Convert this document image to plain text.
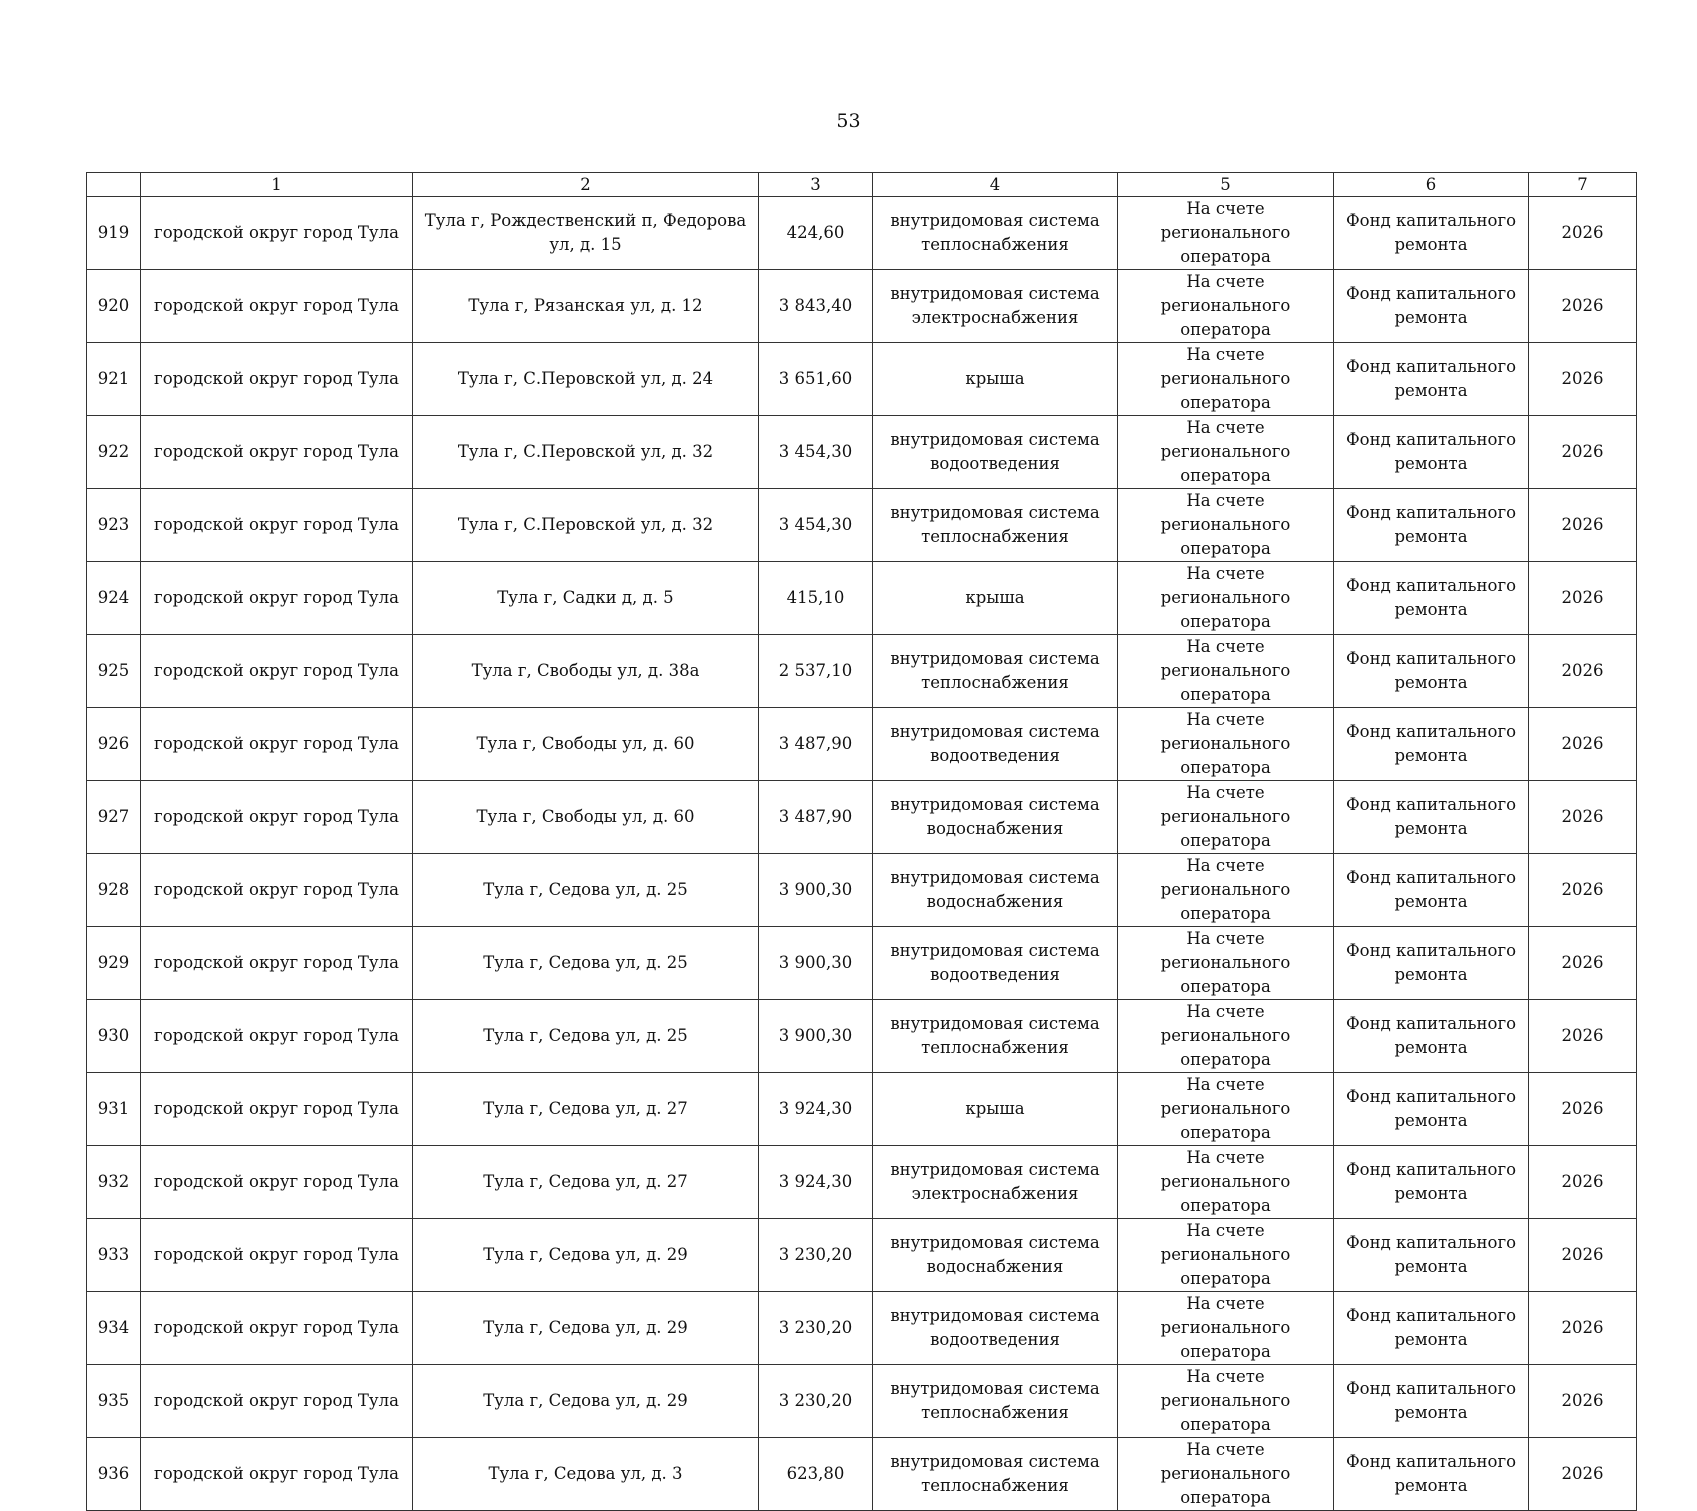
53
	1	2	3	4	5	6	7
919	городской округ город Тула	Тула г, Рождественский п, Федорова ул, д. 15	424,60	внутридомовая система теплоснабжения	На счете регионального оператора	Фонд капитального ремонта	2026
920	городской округ город Тула	Тула г, Рязанская ул, д. 12	3 843,40	внутридомовая система электроснабжения	На счете регионального оператора	Фонд капитального ремонта	2026
921	городской округ город Тула	Тула г, С.Перовской ул, д. 24	3 651,60	крыша	На счете регионального оператора	Фонд капитального ремонта	2026
922	городской округ город Тула	Тула г, С.Перовской ул, д. 32	3 454,30	внутридомовая система водоотведения	На счете регионального оператора	Фонд капитального ремонта	2026
923	городской округ город Тула	Тула г, С.Перовской ул, д. 32	3 454,30	внутридомовая система теплоснабжения	На счете регионального оператора	Фонд капитального ремонта	2026
924	городской округ город Тула	Тула г, Садки д, д. 5	415,10	крыша	На счете регионального оператора	Фонд капитального ремонта	2026
925	городской округ город Тула	Тула г, Свободы ул, д. 38а	2 537,10	внутридомовая система теплоснабжения	На счете регионального оператора	Фонд капитального ремонта	2026
926	городской округ город Тула	Тула г, Свободы ул, д. 60	3 487,90	внутридомовая система водоотведения	На счете регионального оператора	Фонд капитального ремонта	2026
927	городской округ город Тула	Тула г, Свободы ул, д. 60	3 487,90	внутридомовая система водоснабжения	На счете регионального оператора	Фонд капитального ремонта	2026
928	городской округ город Тула	Тула г, Седова ул, д. 25	3 900,30	внутридомовая система водоснабжения	На счете регионального оператора	Фонд капитального ремонта	2026
929	городской округ город Тула	Тула г, Седова ул, д. 25	3 900,30	внутридомовая система водоотведения	На счете регионального оператора	Фонд капитального ремонта	2026
930	городской округ город Тула	Тула г, Седова ул, д. 25	3 900,30	внутридомовая система теплоснабжения	На счете регионального оператора	Фонд капитального ремонта	2026
931	городской округ город Тула	Тула г, Седова ул, д. 27	3 924,30	крыша	На счете регионального оператора	Фонд капитального ремонта	2026
932	городской округ город Тула	Тула г, Седова ул, д. 27	3 924,30	внутридомовая система электроснабжения	На счете регионального оператора	Фонд капитального ремонта	2026
933	городской округ город Тула	Тула г, Седова ул, д. 29	3 230,20	внутридомовая система водоснабжения	На счете регионального оператора	Фонд капитального ремонта	2026
934	городской округ город Тула	Тула г, Седова ул, д. 29	3 230,20	внутридомовая система водоотведения	На счете регионального оператора	Фонд капитального ремонта	2026
935	городской округ город Тула	Тула г, Седова ул, д. 29	3 230,20	внутридомовая система теплоснабжения	На счете регионального оператора	Фонд капитального ремонта	2026
936	городской округ город Тула	Тула г, Седова ул, д. 3	623,80	внутридомовая система теплоснабжения	На счете регионального оператора	Фонд капитального ремонта	2026
